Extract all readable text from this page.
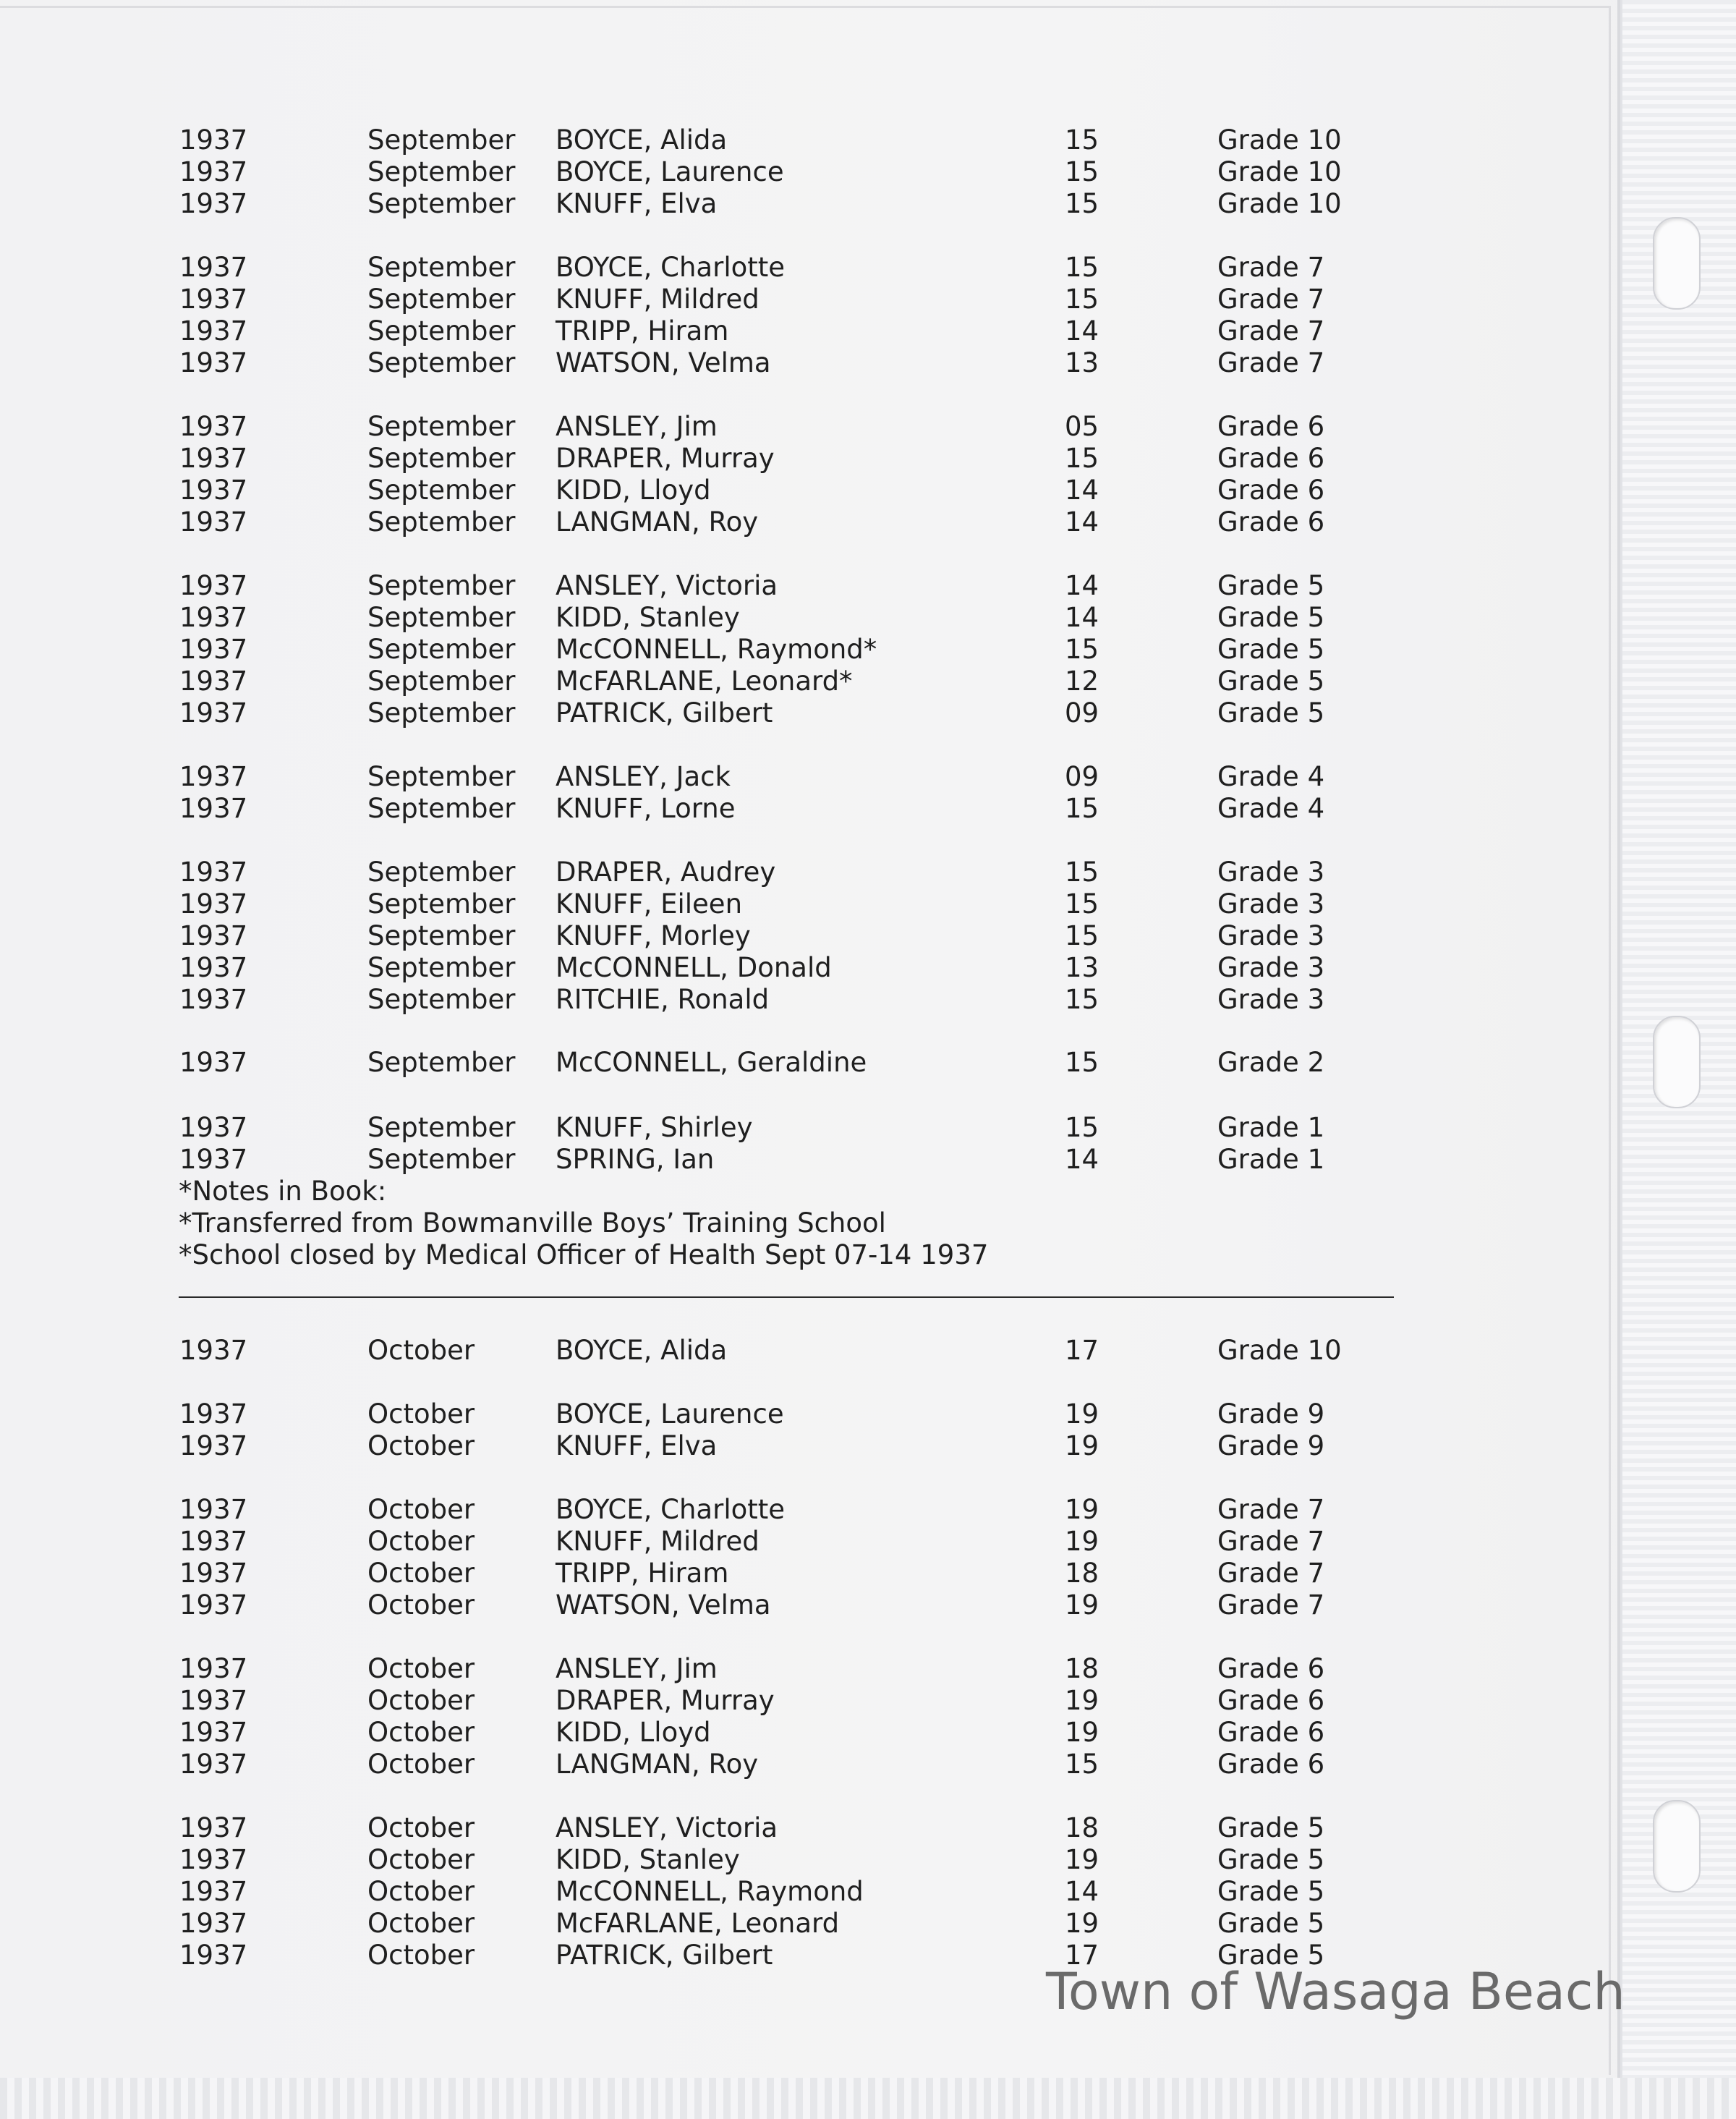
1937	September BOYCE, Alida	15	Grade 10
1937	September BOYCE, Laurence	15	Grade 10
1937	September KNUFF, Elva	15	Grade 10
1937	September BOYCE, Charlotte	15	Grade 7
1937	September KNUFF, Mildred	15	Grade 7
1937	September TRIPP, Hiram	14	Grade 7
1937	September WATSON, Velma	13	Grade 7
1937	September ANSLEY, Jim	05	Grade 6
1937	September DRAPER, Murray	15	Grade 6
1937	September KIDD, Lloyd	14	Grade 6
1937	September LANGMAN, Roy	14	Grade 6
1937	September ANSLEY, Victoria	14	Grade 5
1937	September KIDD, Stanley	14	Grade 5
1937	September McCONNELL, Raymond*	15	Grade 5
1937	September McFARLANE, Leonard*	12	Grade 5
1937	September PATRICK, Gilbert	09	Grade 5
1937	September ANSLEY, Jack	09	Grade 4
1937	September KNUFF, Lorne	15	Grade 4
1937	September DRAPER, Audrey	15	Grade 3
1937	September KNUFF, Eileen	15	Grade 3
1937	September KNUFF, Morley	15	Grade 3
1937	September McCONNELL, Donald	13	Grade 3
1937	September RITCHIE, Ronald	15	Grade 3
1937	September McCONNELL, Geraldine	15	Grade 2
1937	September KNUFF, Shirley	15	Grade 1
1937	September SPRING, Ian	14	Grade 1
*Notes in Book:
*Transferred from Bowmanville Boys’ Training School
*School closed by Medical Officer of Health Sept 07-14 1937
1937	October	BOYCE, Alida	17	Grade 10
1937	October	BOYCE, Laurence	19	Grade 9
1937	October	KNUFF, Elva	19	Grade 9
1937	October	BOYCE, Charlotte	19	Grade 7
1937	October	KNUFF, Mildred	19	Grade 7
1937	October	TRIPP, Hiram	18	Grade 7
1937	October	WATSON, Velma	19	Grade 7
1937	October	ANSLEY, Jim	18	Grade 6
1937	October	DRAPER, Murray	19	Grade 6
1937	October	KIDD, Lloyd	19	Grade 6
1937	October	LANGMAN, Roy	15	Grade 6
1937	October	ANSLEY, Victoria	18	Grade 5
1937	October	KIDD, Stanley	19	Grade 5
1937	October	McCONNELL, Raymond	14	Grade 5
1937	October	McFARLANE, Leonard	19	Grade 5
1937	October	PATRICK, Gilbert	17	Grade 5
Town of Wasaga Beach
